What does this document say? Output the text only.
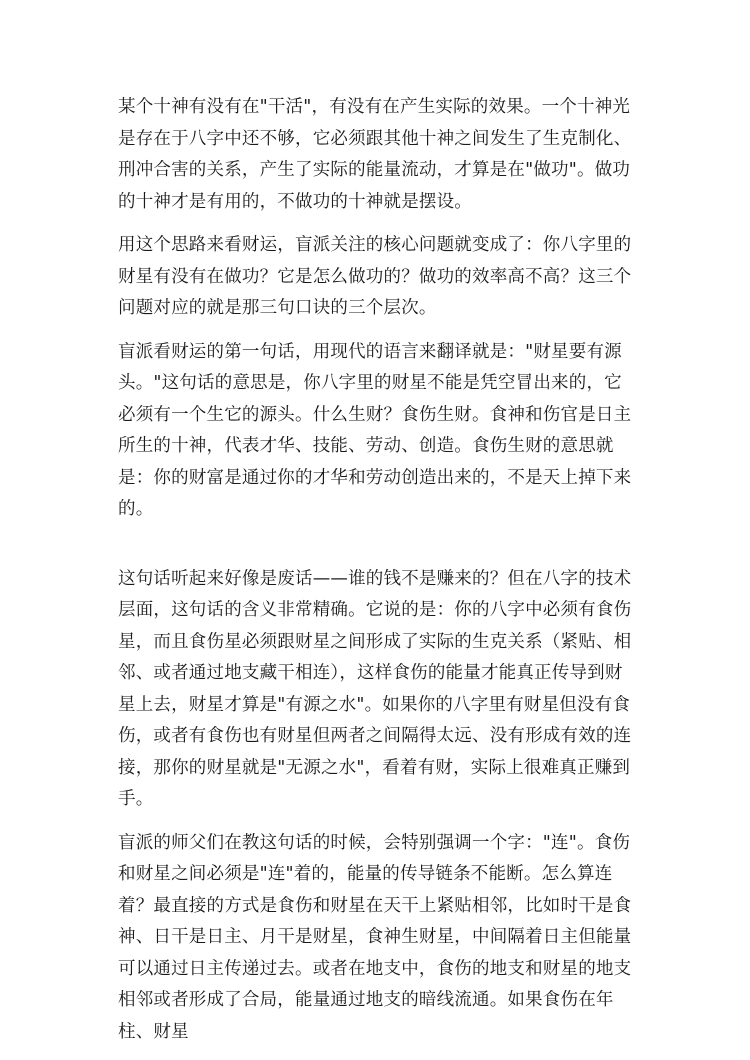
某个十神有没有在"干活"，有没有在产生实际的效果。一个十神光是存在于八字中还不够，它必须跟其他十神之间发生了生克制化、刑冲合害的关系，产生了实际的能量流动，才算是在"做功"。做功的十神才是有用的，不做功的十神就是摆设。

用这个思路来看财运，盲派关注的核心问题就变成了：你八字里的财星有没有在做功？它是怎么做功的？做功的效率高不高？这三个问题对应的就是那三句口诀的三个层次。

盲派看财运的第一句话，用现代的语言来翻译就是："财星要有源头。"这句话的意思是，你八字里的财星不能是凭空冒出来的，它必须有一个生它的源头。什么生财？食伤生财。食神和伤官是日主所生的十神，代表才华、技能、劳动、创造。食伤生财的意思就是：你的财富是通过你的才华和劳动创造出来的，不是天上掉下来的。

这句话听起来好像是废话——谁的钱不是赚来的？但在八字的技术层面，这句话的含义非常精确。它说的是：你的八字中必须有食伤星，而且食伤星必须跟财星之间形成了实际的生克关系（紧贴、相邻、或者通过地支藏干相连），这样食伤的能量才能真正传导到财星上去，财星才算是"有源之水"。如果你的八字里有财星但没有食伤，或者有食伤也有财星但两者之间隔得太远、没有形成有效的连接，那你的财星就是"无源之水"，看着有财，实际上很难真正赚到手。

盲派的师父们在教这句话的时候，会特别强调一个字："连"。食伤和财星之间必须是"连"着的，能量的传导链条不能断。怎么算连着？最直接的方式是食伤和财星在天干上紧贴相邻，比如时干是食神、日干是日主、月干是财星，食神生财星，中间隔着日主但能量可以通过日主传递过去。或者在地支中，食伤的地支和财星的地支相邻或者形成了合局，能量通过地支的暗线流通。如果食伤在年柱、财星
